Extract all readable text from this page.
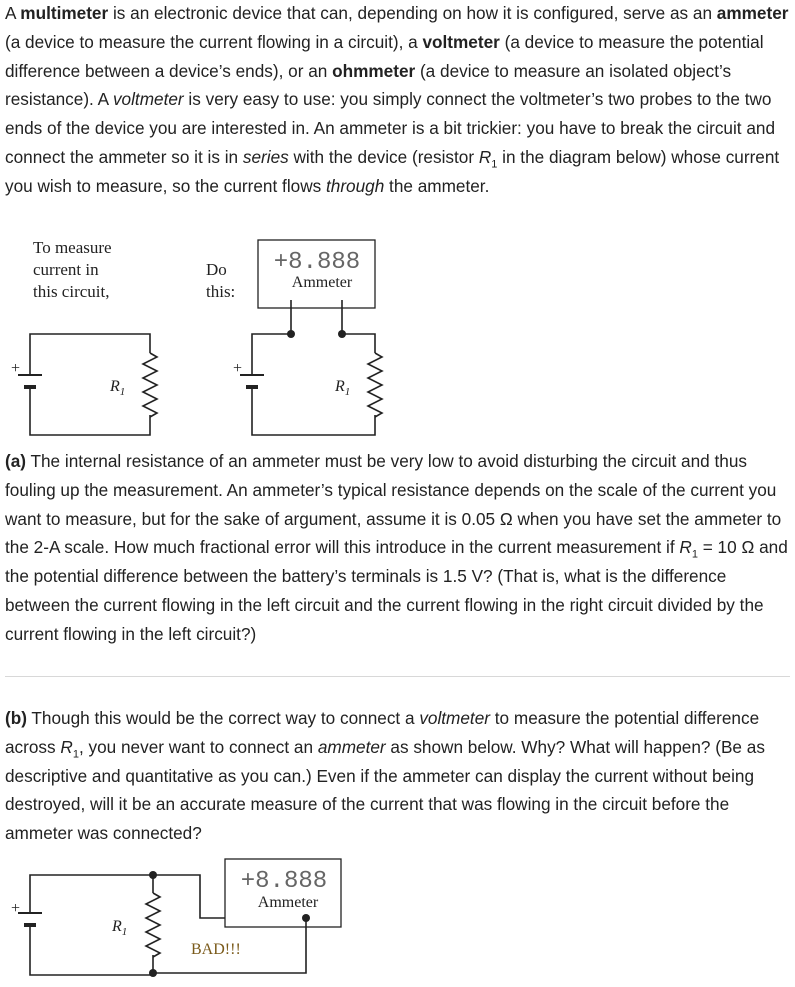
A multimeter is an electronic device that can, depending on how it is configured, serve as an ammeter (a device to measure the current flowing in a circuit), a voltmeter (a device to measure the potential difference between a device’s ends), or an ohmmeter (a device to measure an isolated object’s resistance). A voltmeter is very easy to use: you simply connect the voltmeter’s two probes to the two ends of the device you are interested in. An ammeter is a bit trickier: you have to break the circuit and connect the ammeter so it is in series with the device (resistor $R_1$ in the diagram below) whose current you wish to measure, so the current flows through the ammeter.

To measure
current in
this circuit,
Do
this:
+8.888
Ammeter
+	+
$R_1$	$R_1$

(a) The internal resistance of an ammeter must be very low to avoid disturbing the circuit and thus fouling up the measurement. An ammeter’s typical resistance depends on the scale of the current you want to measure, but for the sake of argument, assume it is 0.05 Ω when you have set the ammeter to the 2-A scale. How much fractional error will this introduce in the current measurement if $R_1 = 10$ Ω and the potential difference between the battery’s terminals is 1.5 V? (That is, what is the difference between the current flowing in the left circuit and the current flowing in the right circuit divided by the current flowing in the left circuit?)

(b) Though this would be the correct way to connect a voltmeter to measure the potential difference across $R_1$, you never want to connect an ammeter as shown below. Why? What will happen? (Be as descriptive and quantitative as you can.) Even if the ammeter can display the current without being destroyed, will it be an accurate measure of the current that was flowing in the circuit before the ammeter was connected?

+8.888
Ammeter
+
$R_1$
BAD!!!
